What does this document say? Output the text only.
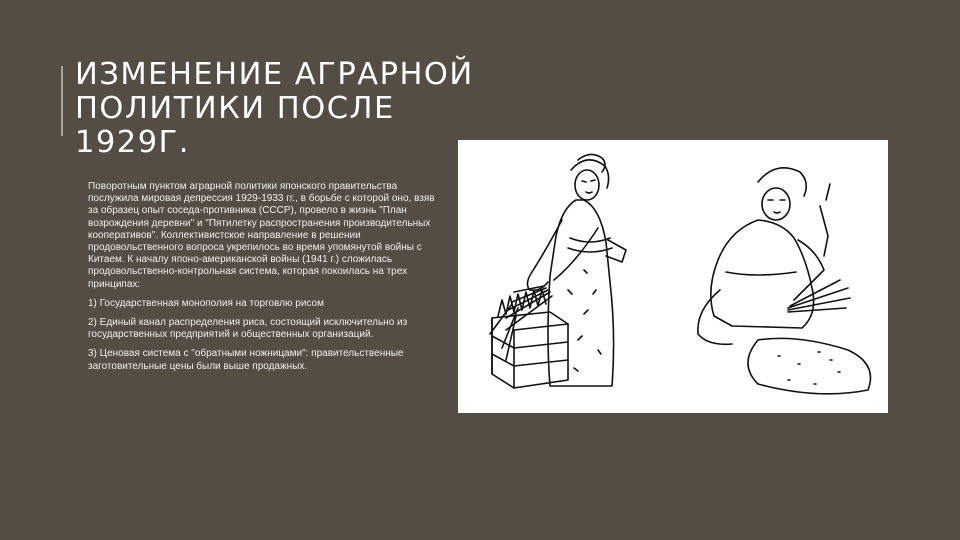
ИЗМЕНЕНИЕ АГРАРНОЙ
ПОЛИТИКИ ПОСЛЕ
1929Г.

Поворотным пунктом аграрной политики японского правительства послужила мировая депрессия 1929-1933 гг., в борьбе с которой оно, взяв за образец опыт соседа-противника (СССР), провело в жизнь "План возрождения деревни" и "Пятилетку распространения производительных кооперативов". Коллективистское направление в решении продовольственного вопроса укрепилось во время упомянутой войны с Китаем. К началу японо-американской войны (1941 г.) сложилась продовольственно-контрольная система, которая покоилась на трех принципах:

1) Государственная монополия на торговлю рисом

2) Единый канал распределения риса, состоящий исключительно из государственных предприятий и общественных организаций.

3) Ценовая система с "обратными ножницами": правительственные заготовительные цены были выше продажных.
